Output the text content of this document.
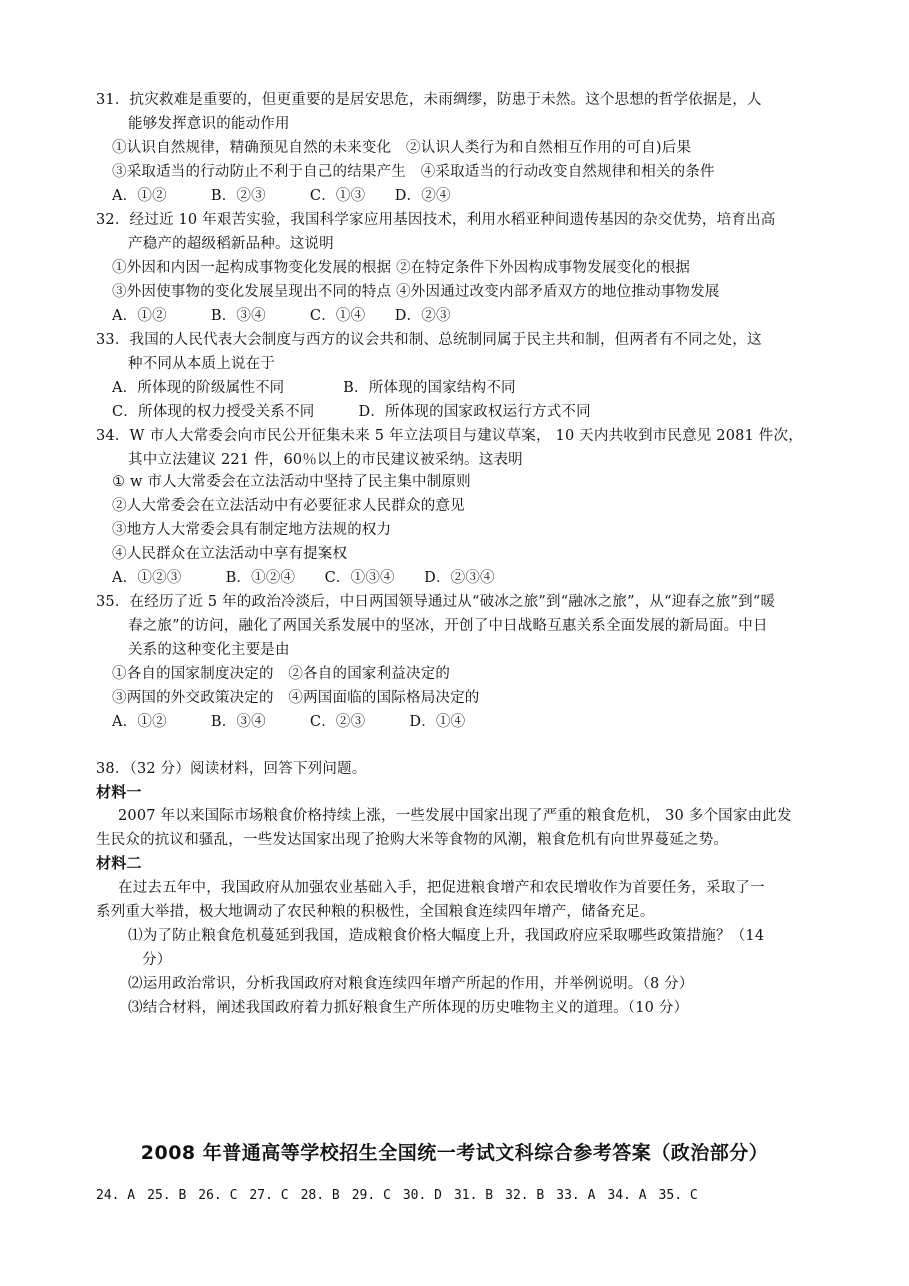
31．抗灾救难是重要的，但更重要的是居安思危，未雨绸缪，防患于未然。这个思想的哲学依据是，人
能够发挥意识的能动作用
①认识自然规律，精确预见自然的未来变化　②认识人类行为和自然相互作用的可自)后果
③采取适当的行动防止不利于自己的结果产生　④采取适当的行动改变自然规律和相关的条件
A．①②　　　B．②③　　　C．①③　　D．②④
32．经过近 10 年艰苦实验，我国科学家应用基因技术，利用水稻亚种间遗传基因的杂交优势，培育出高
产稳产的超级稻新品种。这说明
①外因和内因一起构成事物变化发展的根据 ②在特定条件下外因构成事物发展变化的根据
③外因使事物的变化发展呈现出不同的特点 ④外因通过改变内部矛盾双方的地位推动事物发展
A．①②　　　B．③④　　　C．①④　　D．②③
33．我国的人民代表大会制度与西方的议会共和制、总统制同属于民主共和制，但两者有不同之处，这
种不同从本质上说在于
A．所体现的阶级属性不同　　　　B．所体现的国家结构不同
C．所体现的权力授受关系不同　　　D．所体现的国家政权运行方式不同
34．W 市人大常委会向市民公开征集未来 5 年立法项目与建议草案， 10 天内共收到市民意见 2081 件次，
其中立法建议 221 件，60％以上的市民建议被采纳。这表明
① w 市人大常委会在立法活动中坚持了民主集中制原则
②人大常委会在立法活动中有必要征求人民群众的意见
③地方人大常委会具有制定地方法规的权力
④人民群众在立法活动中享有提案权
A．①②③　　　B．①②④　　C．①③④　　D．②③④
35．在经历了近 5 年的政治冷淡后，中日两国领导通过从“破冰之旅”到“融冰之旅”，从“迎春之旅”到“暖
春之旅”的访问，融化了两国关系发展中的坚冰，开创了中日战略互惠关系全面发展的新局面。中日
关系的这种变化主要是由
①各自的国家制度决定的　②各自的国家利益决定的
③两国的外交政策决定的　④两国面临的国际格局决定的
A．①②　　　B．③④　　　C．②③　　　D．①④
38．（32 分）阅读材料，回答下列问题。
材料一
2007 年以来国际市场粮食价格持续上涨，一些发展中国家出现了严重的粮食危机， 30 多个国家由此发
生民众的抗议和骚乱，一些发达国家出现了抢购大米等食物的风潮，粮食危机有向世界蔓延之势。
材料二
在过去五年中，我国政府从加强农业基础入手，把促进粮食增产和农民增收作为首要任务，采取了一
系列重大举措，极大地调动了农民种粮的积极性，全国粮食连续四年增产，储备充足。
⑴为了防止粮食危机蔓延到我国，造成粮食价格大幅度上升，我国政府应采取哪些政策措施？（14
分）
⑵运用政治常识，分析我国政府对粮食连续四年增产所起的作用，并举例说明。（8 分）
⑶结合材料，阐述我国政府着力抓好粮食生产所体现的历史唯物主义的道理。（10 分）
2008 年普通高等学校招生全国统一考试文科综合参考答案（政治部分）
24. A 25. B 26. C 27. C 28. B 29. C 30. D 31. B 32. B 33. A 34. A 35. C
